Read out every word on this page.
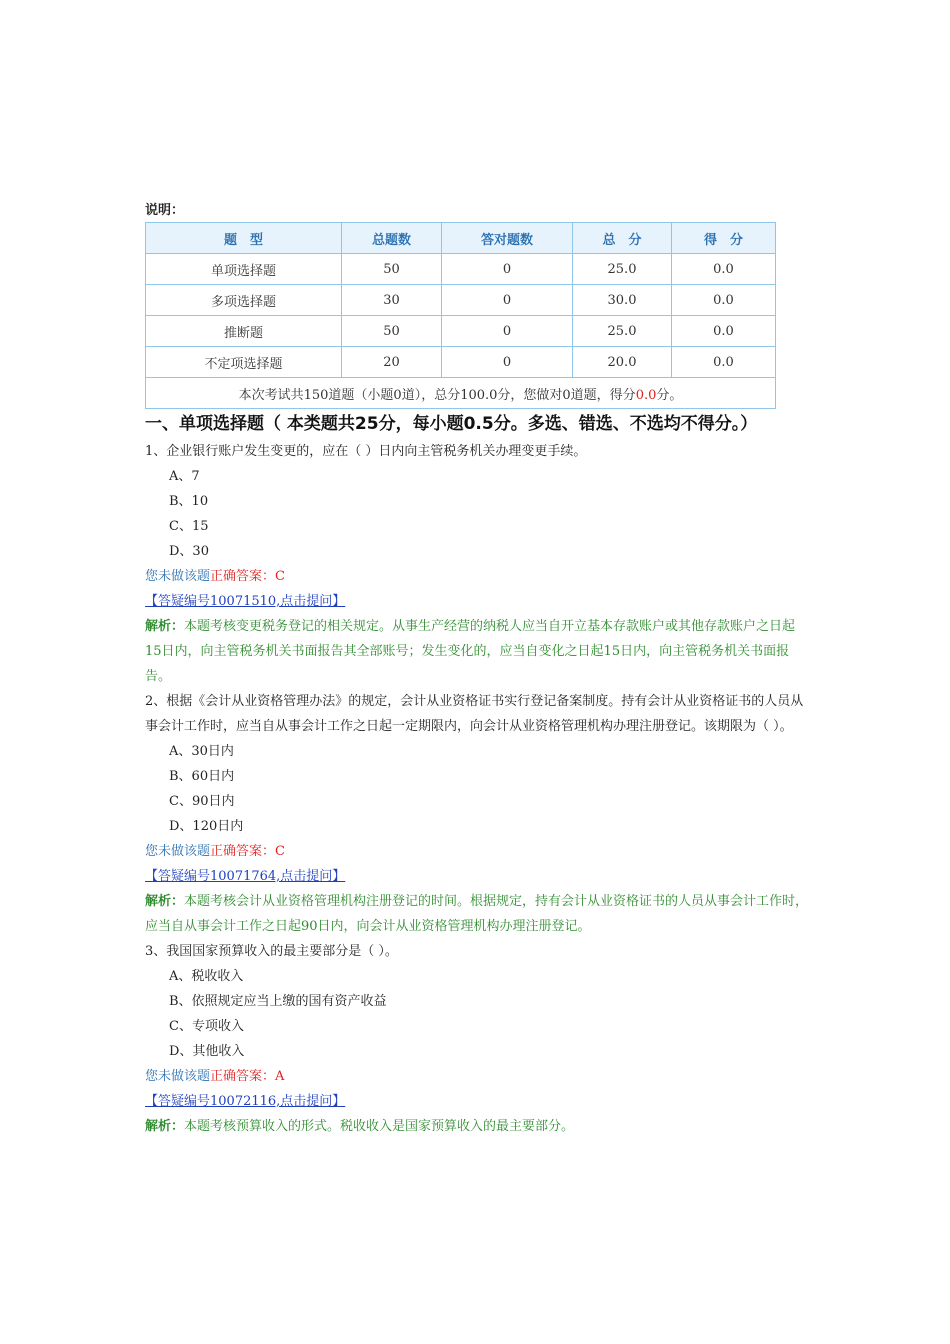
说明：
题　型	总题数	答对题数	总　分	得　分
单项选择题	50	0	25.0	0.0
多项选择题	30	0	30.0	0.0
推断题	50	0	25.0	0.0
不定项选择题	20	0	20.0	0.0
本次考试共150道题（小题0道），总分100.0分，您做对0道题，得分0.0分。				
一、单项选择题（ 本类题共25分，每小题0.5分。多选、错选、不选均不得分。）
1、企业银行账户发生变更的，应在（ ）日内向主管税务机关办理变更手续。
A、7
B、10
C、15
D、30
您未做该题正确答案：C
【答疑编号10071510,点击提问】
解析：本题考核变更税务登记的相关规定。从事生产经营的纳税人应当自开立基本存款账户或其他存款账户之日起15日内，向主管税务机关书面报告其全部账号；发生变化的，应当自变化之日起15日内，向主管税务机关书面报告。
2、根据《会计从业资格管理办法》的规定，会计从业资格证书实行登记备案制度。持有会计从业资格证书的人员从事会计工作时，应当自从事会计工作之日起一定期限内，向会计从业资格管理机构办理注册登记。该期限为（ ）。
A、30日内
B、60日内
C、90日内
D、120日内
您未做该题正确答案：C
【答疑编号10071764,点击提问】
解析：本题考核会计从业资格管理机构注册登记的时间。根据规定，持有会计从业资格证书的人员从事会计工作时，应当自从事会计工作之日起90日内，向会计从业资格管理机构办理注册登记。
3、我国国家预算收入的最主要部分是（ ）。
A、税收收入
B、依照规定应当上缴的国有资产收益
C、专项收入
D、其他收入
您未做该题正确答案：A
【答疑编号10072116,点击提问】
解析：本题考核预算收入的形式。税收收入是国家预算收入的最主要部分。
